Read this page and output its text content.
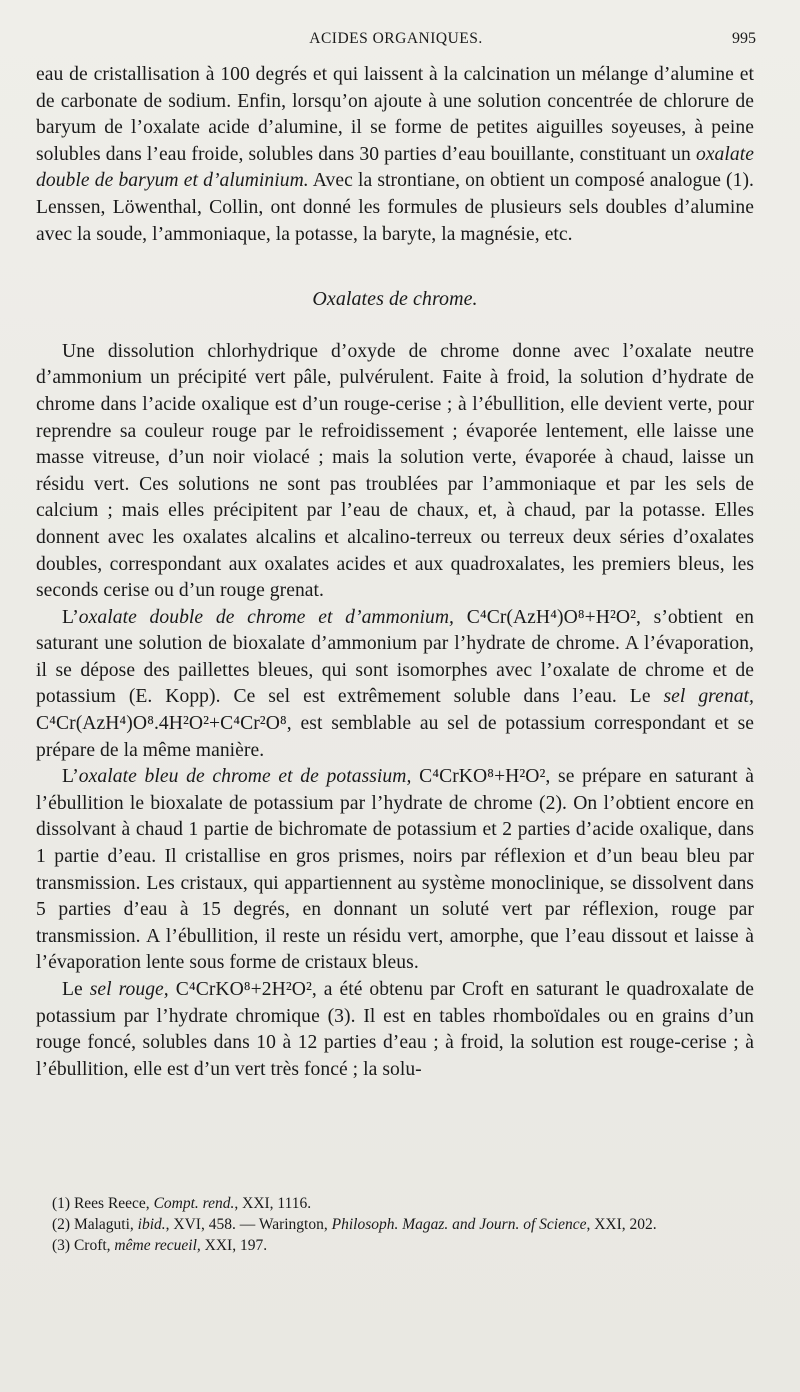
ACIDES ORGANIQUES.	995

eau de cristallisation à 100 degrés et qui laissent à la calcination un mélange d’alumine et de carbonate de sodium. Enfin, lorsqu’on ajoute à une solution concentrée de chlorure de baryum de l’oxalate acide d’alumine, il se forme de petites aiguilles soyeuses, à peine solubles dans l’eau froide, solubles dans 30 parties d’eau bouillante, constituant un oxalate double de baryum et d’aluminium. Avec la strontiane, on obtient un composé analogue (1). Lenssen, Löwenthal, Collin, ont donné les formules de plusieurs sels doubles d’alumine avec la soude, l’ammoniaque, la potasse, la baryte, la magnésie, etc.

Oxalates de chrome.

Une dissolution chlorhydrique d’oxyde de chrome donne avec l’oxalate neutre d’ammonium un précipité vert pâle, pulvérulent. Faite à froid, la solution d’hydrate de chrome dans l’acide oxalique est d’un rouge-cerise ; à l’ébullition, elle devient verte, pour reprendre sa couleur rouge par le refroidissement ; évaporée lentement, elle laisse une masse vitreuse, d’un noir violacé ; mais la solution verte, évaporée à chaud, laisse un résidu vert. Ces solutions ne sont pas troublées par l’ammoniaque et par les sels de calcium ; mais elles précipitent par l’eau de chaux, et, à chaud, par la potasse. Elles donnent avec les oxalates alcalins et alcalino-terreux ou terreux deux séries d’oxalates doubles, correspondant aux oxalates acides et aux quadroxalates, les premiers bleus, les seconds cerise ou d’un rouge grenat.

L’oxalate double de chrome et d’ammonium, C⁴Cr(AzH⁴)O⁸+H²O², s’obtient en saturant une solution de bioxalate d’ammonium par l’hydrate de chrome. A l’évaporation, il se dépose des paillettes bleues, qui sont isomorphes avec l’oxalate de chrome et de potassium (E. Kopp). Ce sel est extrêmement soluble dans l’eau. Le sel grenat, C⁴Cr(AzH⁴)O⁸.4H²O²+C⁴Cr²O⁸, est semblable au sel de potassium correspondant et se prépare de la même manière.

L’oxalate bleu de chrome et de potassium, C⁴CrKO⁸+H²O², se prépare en saturant à l’ébullition le bioxalate de potassium par l’hydrate de chrome (2). On l’obtient encore en dissolvant à chaud 1 partie de bichromate de potassium et 2 parties d’acide oxalique, dans 1 partie d’eau. Il cristallise en gros prismes, noirs par réflexion et d’un beau bleu par transmission. Les cristaux, qui appartiennent au système monoclinique, se dissolvent dans 5 parties d’eau à 15 degrés, en donnant un soluté vert par réflexion, rouge par transmission. A l’ébullition, il reste un résidu vert, amorphe, que l’eau dissout et laisse à l’évaporation lente sous forme de cristaux bleus.

Le sel rouge, C⁴CrKO⁸+2H²O², a été obtenu par Croft en saturant le quadroxalate de potassium par l’hydrate chromique (3). Il est en tables rhomboïdales ou en grains d’un rouge foncé, solubles dans 10 à 12 parties d’eau ; à froid, la solution est rouge-cerise ; à l’ébullition, elle est d’un vert très foncé ; la solu-

(1) Rees Reece, Compt. rend., XXI, 1116.
(2) Malaguti, ibid., XVI, 458. — Warington, Philosoph. Magaz. and Journ. of Science, XXI, 202.
(3) Croft, même recueil, XXI, 197.
